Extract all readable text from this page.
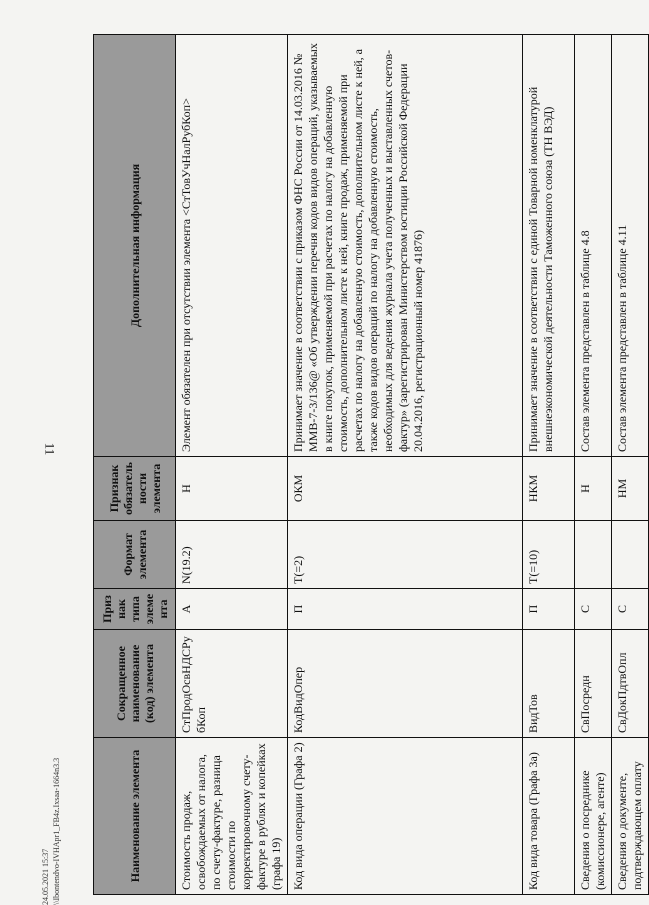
11
24.05.2021 15:37 \\Ibontendvo-IVHApr1_FB4z.Ixsaa-1664n3.3	Наименование элемента	Сокращенное наименование (код) элемента	Признак типа элемента	Формат элемента	Признак обязательности элемента	Дополнительная информация
Стоимость продаж, освобождаемых от налога, по счету-фактуре, разница стоимости по корректировочному счету-фактуре в рублях и копейках (графа 19)	СтПродОсвНДСРубКоп	А	N(19.2)	Н	Элемент обязателен при отсутствии элемента <СтТовУчНалРубКоп>
Код вида операции (Графа 2)	КодВидОпер	П	T(=2)	ОКМ	Принимает значение в соответствии с приказом ФНС России от 14.03.2016 № ММВ-7-3/136@ «Об утверждении перечня кодов видов операций, указываемых в книге покупок, применяемой при расчетах по налогу на добавленную стоимость, дополнительном листе к ней, книге продаж, применяемой при расчетах по налогу на добавленную стоимость, дополнительном листе к ней, а также кодов видов операций по налогу на добавленную стоимость, необходимых для ведения журнала учета полученных и выставленных счетов-фактур» (зарегистрирован Министерством юстиции Российской Федерации 20.04.2016, регистрационный номер 41876)
Код вида товара (Графа 3а)	ВидТов	П	T(=10)	НКМ	Принимает значение в соответствии с единой Товарной номенклатурой внешнеэкономической деятельности Таможенного союза (ТН ВЭД)
Сведения о посреднике (комиссионере, агенте)	СвПосредн	С		Н	Состав элемента представлен в таблице 4.8
Сведения о документе, подтверждающем оплату	СвДокПдтвОпл	С		НМ	Состав элемента представлен в таблице 4.11
